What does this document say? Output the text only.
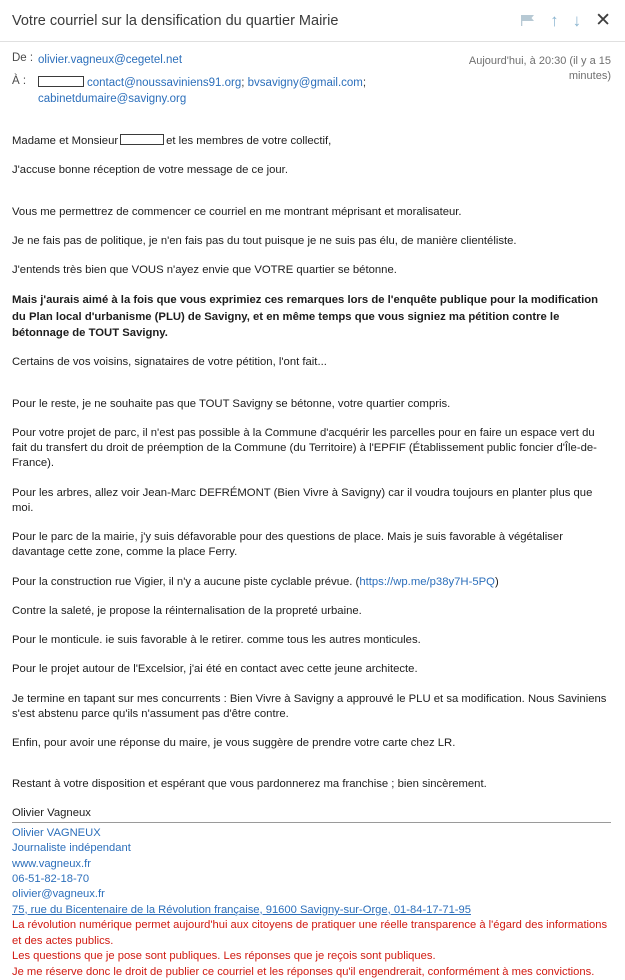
Votre courriel sur la densification du quartier Mairie	↑ ↓ ✕
De : olivier.vagneux@cegetel.net
À :	contact@noussaviniens91.org; bvsavigny@gmail.com; cabinetdumaire@savigny.org
Aujourd'hui, à 20:30 (il y a 15 minutes)

Madame et Monsieur	et les membres de votre collectif,

J'accuse bonne réception de votre message de ce jour.

Vous me permettrez de commencer ce courriel en me montrant méprisant et moralisateur.

Je ne fais pas de politique, je n'en fais pas du tout puisque je ne suis pas élu, de manière clientéliste.

J'entends très bien que VOUS n'ayez envie que VOTRE quartier se bétonne.

Mais j'aurais aimé à la fois que vous exprimiez ces remarques lors de l'enquête publique pour la modification du Plan local d'urbanisme (PLU) de Savigny, et en même temps que vous signiez ma pétition contre le bétonnage de TOUT Savigny.

Certains de vos voisins, signataires de votre pétition, l'ont fait...

Pour le reste, je ne souhaite pas que TOUT Savigny se bétonne, votre quartier compris.

Pour votre projet de parc, il n'est pas possible à la Commune d'acquérir les parcelles pour en faire un espace vert du fait du transfert du droit de préemption de la Commune (du Territoire) à l'EPFIF (Établissement public foncier d'Île-de-France).

Pour les arbres, allez voir Jean-Marc DEFRÉMONT (Bien Vivre à Savigny) car il voudra toujours en planter plus que moi.

Pour le parc de la mairie, j'y suis défavorable pour des questions de place. Mais je suis favorable à végétaliser davantage cette zone, comme la place Ferry.

Pour la construction rue Vigier, il n'y a aucune piste cyclable prévue. (https://wp.me/p38y7H-5PQ)

Contre la saleté, je propose la réinternalisation de la propreté urbaine.

Pour le monticule. ie suis favorable à le retirer. comme tous les autres monticules.

Pour le projet autour de l'Excelsior, j'ai été en contact avec cette jeune architecte.

Je termine en tapant sur mes concurrents : Bien Vivre à Savigny a approuvé le PLU et sa modification. Nous Saviniens s'est abstenu parce qu'ils n'assument pas d'être contre.

Enfin, pour avoir une réponse du maire, je vous suggère de prendre votre carte chez LR.

Restant à votre disposition et espérant que vous pardonnerez ma franchise ; bien sincèrement.

Olivier Vagneux
Olivier VAGNEUX
Journaliste indépendant
www.vagneux.fr
06-51-82-18-70
olivier@vagneux.fr
75, rue du Bicentenaire de la Révolution française, 91600 Savigny-sur-Orge, 01-84-17-71-95
La révolution numérique permet aujourd'hui aux citoyens de pratiquer une réelle transparence à l'égard des informations et des actes publics.
Les questions que je pose sont publiques. Les réponses que je reçois sont publiques.
Je me réserve donc le droit de publier ce courriel et les réponses qu'il engendrerait, conformément à mes convictions.
